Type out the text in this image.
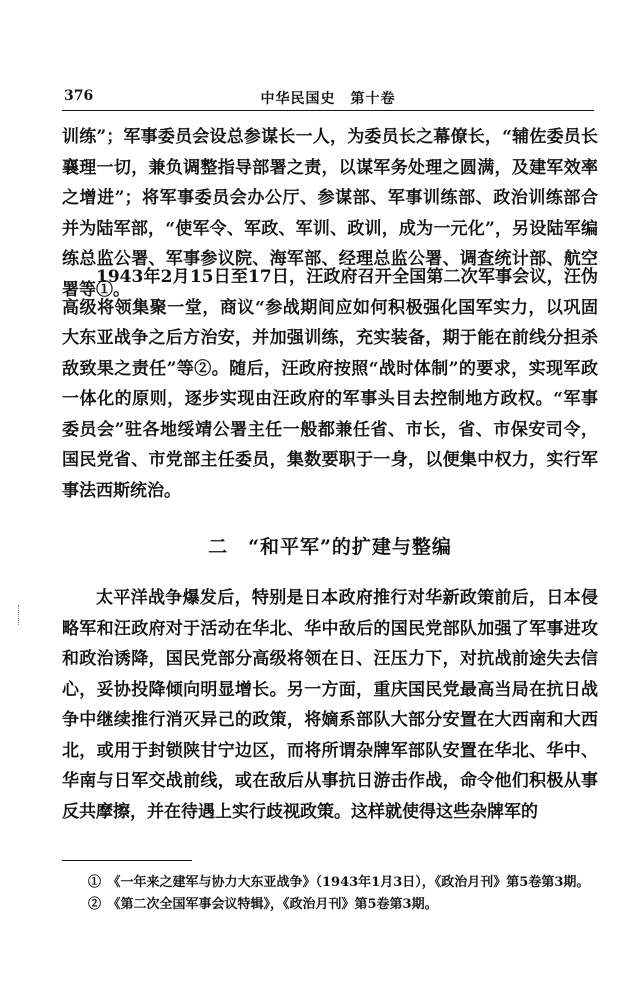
376	中华民国史　第十卷
训练”；军事委员会设总参谋长一人，为委员长之幕僚长，“辅佐委员长襄理一切，兼负调整指导部署之责，以谋军务处理之圆满，及建军效率之增进”；将军事委员会办公厅、参谋部、军事训练部、政治训练部合并为陆军部，“使军令、军政、军训、政训，成为一元化”，另设陆军编练总监公署、军事参议院、海军部、经理总监公署、调查统计部、航空署等①。
1943年2月15日至17日，汪政府召开全国第二次军事会议，汪伪高级将领集聚一堂，商议“参战期间应如何积极强化国军实力，以巩固大东亚战争之后方治安，并加强训练，充实装备，期于能在前线分担杀敌致果之责任”等②。随后，汪政府按照“战时体制”的要求，实现军政一体化的原则，逐步实现由汪政府的军事头目去控制地方政权。“军事委员会”驻各地绥靖公署主任一般都兼任省、市长，省、市保安司令，国民党省、市党部主任委员，集数要职于一身，以便集中权力，实行军事法西斯统治。
二　“和平军”的扩建与整编
太平洋战争爆发后，特别是日本政府推行对华新政策前后，日本侵略军和汪政府对于活动在华北、华中敌后的国民党部队加强了军事进攻和政治诱降，国民党部分高级将领在日、汪压力下，对抗战前途失去信心，妥协投降倾向明显增长。另一方面，重庆国民党最高当局在抗日战争中继续推行消灭异己的政策，将嫡系部队大部分安置在大西南和大西北，或用于封锁陕甘宁边区，而将所谓杂牌军部队安置在华北、华中、华南与日军交战前线，或在敌后从事抗日游击作战，命令他们积极从事反共摩擦，并在待遇上实行歧视政策。这样就使得这些杂牌军的
①　《一年来之建军与协力大东亚战争》（1943年1月3日），《政治月刊》第5卷第3期。
②　《第二次全国军事会议特辑》，《政治月刊》第5卷第3期。
